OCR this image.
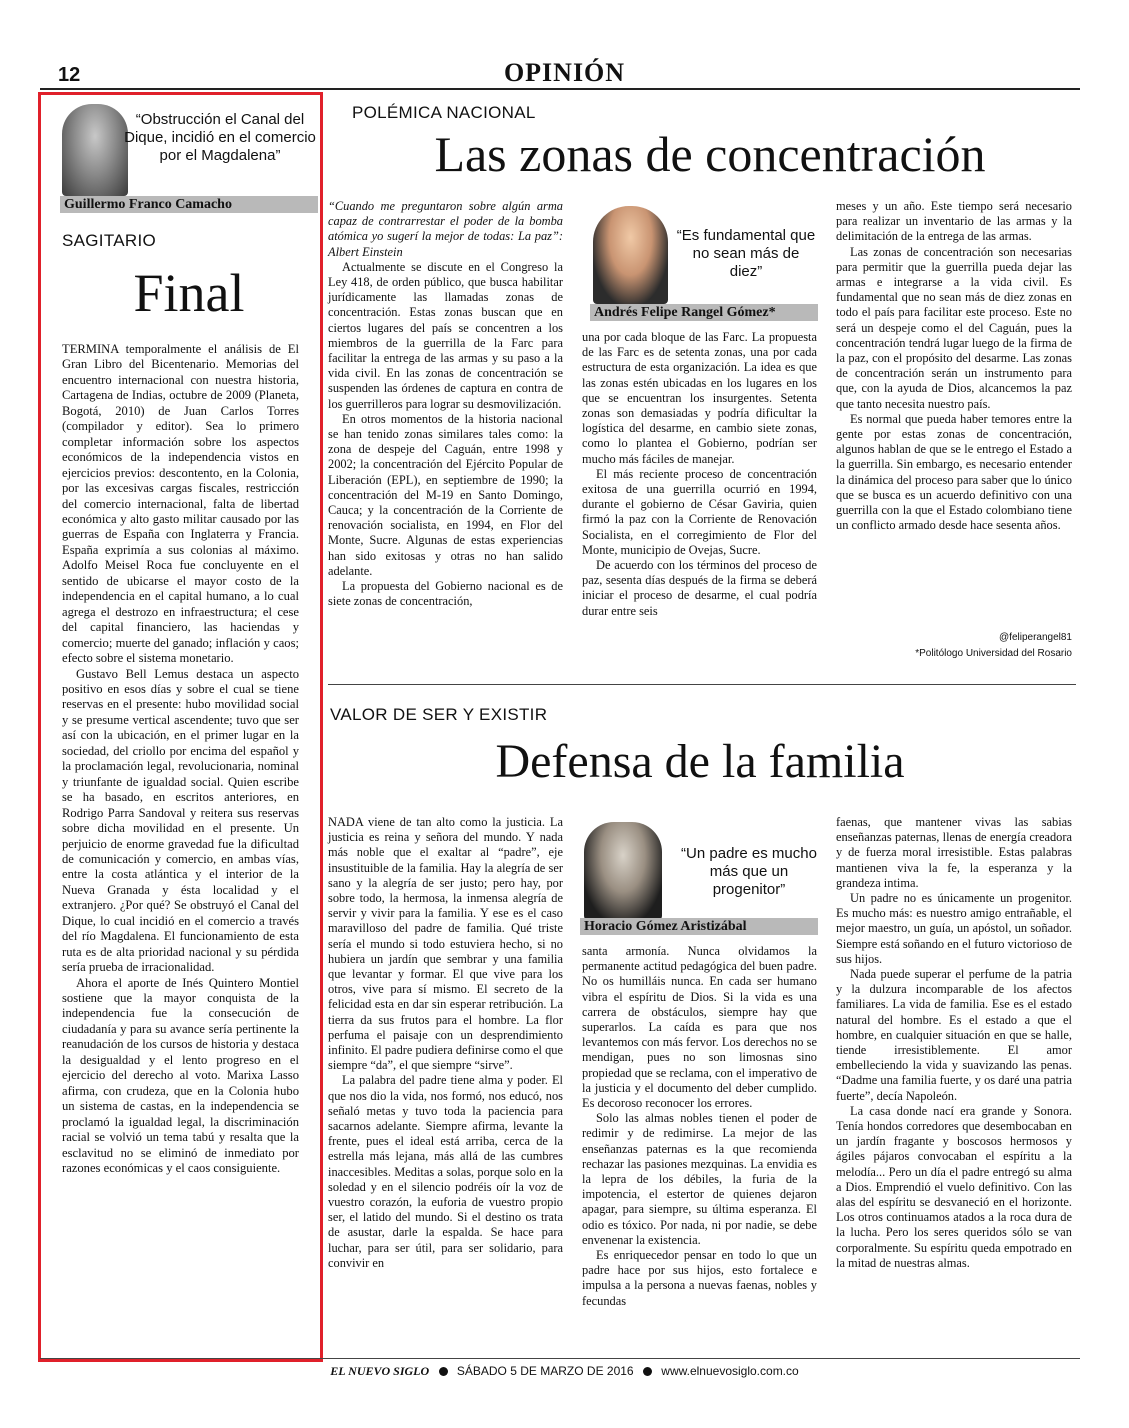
12	OPINIÓN
“Obstrucción el Canal del Dique, incidió en el comercio por el Magdalena”
Guillermo Franco Camacho
SAGITARIO
Final

TERMINA temporalmente el análisis de El Gran Libro del Bicentenario. Memorias del encuentro internacional con nuestra historia, Cartagena de Indias, octubre de 2009 (Planeta, Bogotá, 2010) de Juan Carlos Torres (compilador y editor). Sea lo primero completar información sobre los aspectos económicos de la independencia vistos en ejercicios previos: descontento, en la Colonia, por las excesivas cargas fiscales, restricción del comercio internacional, falta de libertad económica y alto gasto militar causado por las guerras de España con Inglaterra y Francia. España exprimía a sus colonias al máximo. Adolfo Meisel Roca fue concluyente en el sentido de ubicarse el mayor costo de la independencia en el capital humano, a lo cual agrega el destrozo en infraestructura; el cese del capital financiero, las haciendas y comercio; muerte del ganado; inflación y caos; efecto sobre el sistema monetario.

Gustavo Bell Lemus destaca un aspecto positivo en esos días y sobre el cual se tiene reservas en el presente: hubo movilidad social y se presume vertical ascendente; tuvo que ser así con la ubicación, en el primer lugar en la sociedad, del criollo por encima del español y la proclamación legal, revolucionaria, nominal y triunfante de igualdad social. Quien escribe se ha basado, en escritos anteriores, en Rodrigo Parra Sandoval y reitera sus reservas sobre dicha movilidad en el presente. Un perjuicio de enorme gravedad fue la dificultad de comunicación y comercio, en ambas vías, entre la costa atlántica y el interior de la Nueva Granada y ésta localidad y el extranjero. ¿Por qué? Se obstruyó el Canal del Dique, lo cual incidió en el comercio a través del río Magdalena. El funcionamiento de esta ruta es de alta prioridad nacional y su pérdida sería prueba de irracionalidad.

Ahora el aporte de Inés Quintero Montiel sostiene que la mayor conquista de la independencia fue la consecución de ciudadanía y para su avance sería pertinente la reanudación de los cursos de historia y destaca la desigualdad y el lento progreso en el ejercicio del derecho al voto. Marixa Lasso afirma, con crudeza, que en la Colonia hubo un sistema de castas, en la independencia se proclamó la igualdad legal, la discriminación racial se volvió un tema tabú y resalta que la esclavitud no se eliminó de inmediato por razones económicas y el caos consiguiente.

POLÉMICA NACIONAL
Las zonas de concentración

“Cuando me preguntaron sobre algún arma capaz de contrarrestar el poder de la bomba atómica yo sugerí la mejor de todas: La paz”: Albert Einstein

Actualmente se discute en el Congreso la Ley 418, de orden público, que busca habilitar jurídicamente las llamadas zonas de concentración. Estas zonas buscan que en ciertos lugares del país se concentren a los miembros de la guerrilla de la Farc para facilitar la entrega de las armas y su paso a la vida civil. En las zonas de concentración se suspenden las órdenes de captura en contra de los guerrilleros para lograr su desmovilización.

En otros momentos de la historia nacional se han tenido zonas similares tales como: la zona de despeje del Caguán, entre 1998 y 2002; la concentración del Ejército Popular de Liberación (EPL), en septiembre de 1990; la concentración del M-19 en Santo Domingo, Cauca; y la concentración de la Corriente de renovación socialista, en 1994, en Flor del Monte, Sucre. Algunas de estas experiencias han sido exitosas y otras no han salido adelante.

La propuesta del Gobierno nacional es de siete zonas de concentración,

“Es fundamental que no sean más de diez”
Andrés Felipe Rangel Gómez*

una por cada bloque de las Farc. La propuesta de las Farc es de setenta zonas, una por cada estructura de esta organización. La idea es que las zonas estén ubicadas en los lugares en los que se encuentran los insurgentes. Setenta zonas son demasiadas y podría dificultar la logística del desarme, en cambio siete zonas, como lo plantea el Gobierno, podrían ser mucho más fáciles de manejar.

El más reciente proceso de concentración exitosa de una guerrilla ocurrió en 1994, durante el gobierno de César Gaviria, quien firmó la paz con la Corriente de Renovación Socialista, en el corregimiento de Flor del Monte, municipio de Ovejas, Sucre.

De acuerdo con los términos del proceso de paz, sesenta días después de la firma se deberá iniciar el proceso de desarme, el cual podría durar entre seis

meses y un año. Este tiempo será necesario para realizar un inventario de las armas y la delimitación de la entrega de las armas.

Las zonas de concentración son necesarias para permitir que la guerrilla pueda dejar las armas e integrarse a la vida civil. Es fundamental que no sean más de diez zonas en todo el país para facilitar este proceso. Este no será un despeje como el del Caguán, pues la concentración tendrá lugar luego de la firma de la paz, con el propósito del desarme. Las zonas de concentración serán un instrumento para que, con la ayuda de Dios, alcancemos la paz que tanto necesita nuestro país.

Es normal que pueda haber temores entre la gente por estas zonas de concentración, algunos hablan de que se le entrego el Estado a la guerrilla. Sin embargo, es necesario entender la dinámica del proceso para saber que lo único que se busca es un acuerdo definitivo con una guerrilla con la que el Estado colombiano tiene un conflicto armado desde hace sesenta años.

@feliperangel81
*Politólogo Universidad del Rosario
VALOR DE SER Y EXISTIR
Defensa de la familia

NADA viene de tan alto como la justicia. La justicia es reina y señora del mundo. Y nada más noble que el exaltar al “padre”, eje insustituible de la familia. Hay la alegría de ser sano y la alegría de ser justo; pero hay, por sobre todo, la hermosa, la inmensa alegría de servir y vivir para la familia. Y ese es el caso maravilloso del padre de familia. Qué triste sería el mundo si todo estuviera hecho, si no hubiera un jardín que sembrar y una familia que levantar y formar. El que vive para los otros, vive para sí mismo. El secreto de la felicidad esta en dar sin esperar retribución. La tierra da sus frutos para el hombre. La flor perfuma el paisaje con un desprendimiento infinito. El padre pudiera definirse como el que siempre “da”, el que siempre “sirve”.

La palabra del padre tiene alma y poder. El que nos dio la vida, nos formó, nos educó, nos señaló metas y tuvo toda la paciencia para sacarnos adelante. Siempre afirma, levante la frente, pues el ideal está arriba, cerca de la estrella más lejana, más allá de las cumbres inaccesibles. Meditas a solas, porque solo en la soledad y en el silencio podréis oír la voz de vuestro corazón, la euforia de vuestro propio ser, el latido del mundo. Si el destino os trata de asustar, darle la espalda. Se hace para luchar, para ser útil, para ser solidario, para convivir en

“Un padre es mucho más que un progenitor”
Horacio Gómez Aristizábal

santa armonía. Nunca olvidamos la permanente actitud pedagógica del buen padre. No os humilláis nunca. En cada ser humano vibra el espíritu de Dios. Si la vida es una carrera de obstáculos, siempre hay que superarlos. La caída es para que nos levantemos con más fervor. Los derechos no se mendigan, pues no son limosnas sino propiedad que se reclama, con el imperativo de la justicia y el documento del deber cumplido. Es decoroso reconocer los errores.

Solo las almas nobles tienen el poder de redimir y de redimirse. La mejor de las enseñanzas paternas es la que recomienda rechazar las pasiones mezquinas. La envidia es la lepra de los débiles, la furia de la impotencia, el estertor de quienes dejaron apagar, para siempre, su última esperanza. El odio es tóxico. Por nada, ni por nadie, se debe envenenar la existencia.

Es enriquecedor pensar en todo lo que un padre hace por sus hijos, esto fortalece e impulsa a la persona a nuevas faenas, nobles y fecundas

faenas, que mantener vivas las sabias enseñanzas paternas, llenas de energía creadora y de fuerza moral irresistible. Estas palabras mantienen viva la fe, la esperanza y la grandeza intima.

Un padre no es únicamente un progenitor. Es mucho más: es nuestro amigo entrañable, el mejor maestro, un guía, un apóstol, un soñador. Siempre está soñando en el futuro victorioso de sus hijos.

Nada puede superar el perfume de la patria y la dulzura incomparable de los afectos familiares. La vida de familia. Ese es el estado natural del hombre. Es el estado a que el hombre, en cualquier situación en que se halle, tiende irresistiblemente. El amor embelleciendo la vida y suavizando las penas. “Dadme una familia fuerte, y os daré una patria fuerte”, decía Napoleón.

La casa donde nací era grande y Sonora. Tenía hondos corredores que desembocaban en un jardín fragante y boscosos hermosos y ágiles pájaros convocaban el espíritu a la melodía... Pero un día el padre entregó su alma a Dios. Emprendió el vuelo definitivo. Con las alas del espíritu se desvaneció en el horizonte. Los otros continuamos atados a la roca dura de la lucha. Pero los seres queridos sólo se van corporalmente. Su espíritu queda empotrado en la mitad de nuestras almas.

EL NUEVO SIGLO SÁBADO 5 DE MARZO DE 2016 www.elnuevosiglo.com.co
